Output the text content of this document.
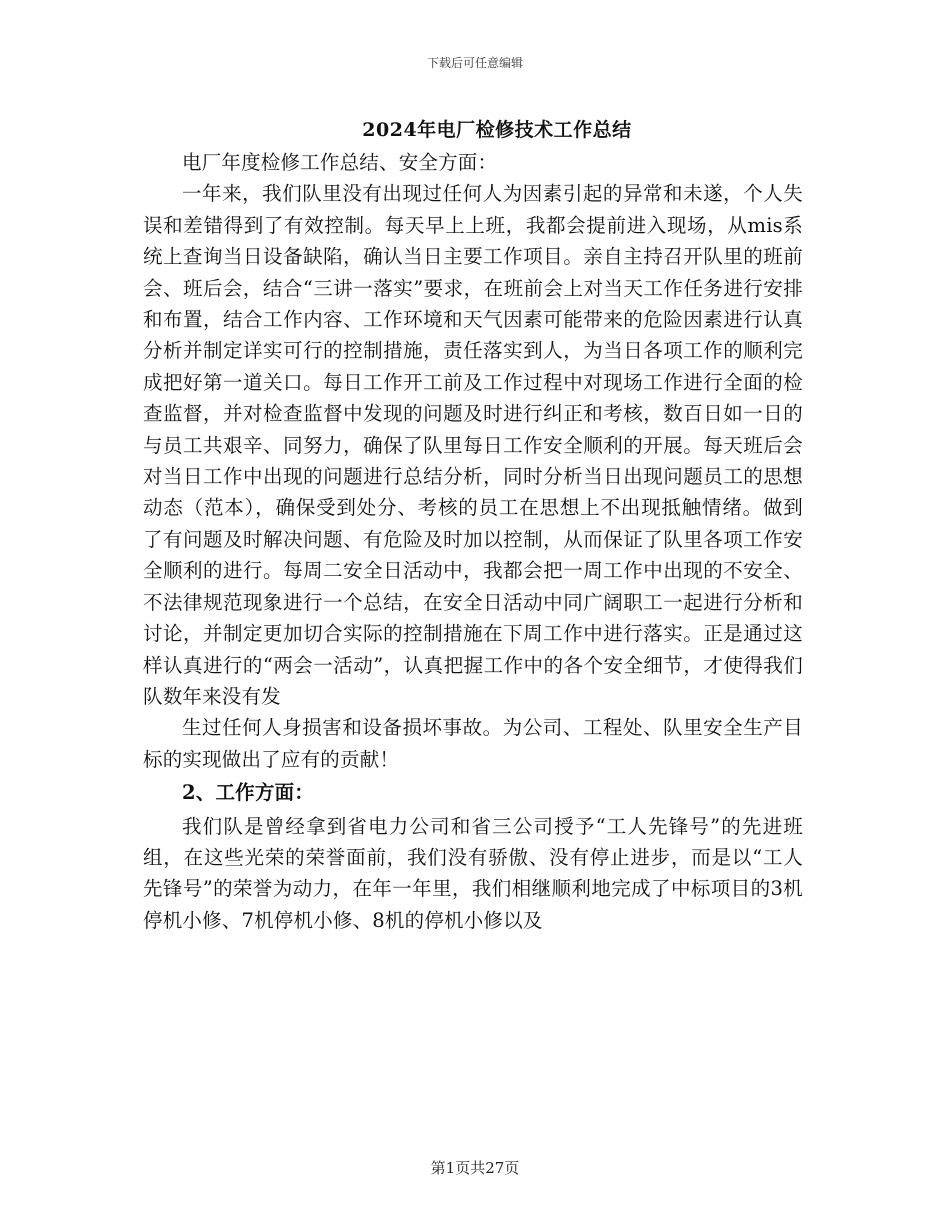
下载后可任意编辑
2024年电厂检修技术工作总结

电厂年度检修工作总结、安全方面：

一年来，我们队里没有出现过任何人为因素引起的异常和未遂，个人失误和差错得到了有效控制。每天早上上班，我都会提前进入现场，从mis系统上查询当日设备缺陷，确认当日主要工作项目。亲自主持召开队里的班前会、班后会，结合“三讲一落实”要求，在班前会上对当天工作任务进行安排和布置，结合工作内容、工作环境和天气因素可能带来的危险因素进行认真分析并制定详实可行的控制措施，责任落实到人，为当日各项工作的顺利完成把好第一道关口。每日工作开工前及工作过程中对现场工作进行全面的检查监督，并对检查监督中发现的问题及时进行纠正和考核，数百日如一日的与员工共艰辛、同努力，确保了队里每日工作安全顺利的开展。每天班后会对当日工作中出现的问题进行总结分析，同时分析当日出现问题员工的思想动态（范本），确保受到处分、考核的员工在思想上不出现抵触情绪。做到了有问题及时解决问题、有危险及时加以控制，从而保证了队里各项工作安全顺利的进行。每周二安全日活动中，我都会把一周工作中出现的不安全、不法律规范现象进行一个总结，在安全日活动中同广阔职工一起进行分析和讨论，并制定更加切合实际的控制措施在下周工作中进行落实。正是通过这样认真进行的“两会一活动”，认真把握工作中的各个安全细节，才使得我们队数年来没有发

生过任何人身损害和设备损坏事故。为公司、工程处、队里安全生产目标的实现做出了应有的贡献！

2、工作方面：

我们队是曾经拿到省电力公司和省三公司授予“工人先锋号”的先进班组，在这些光荣的荣誉面前，我们没有骄傲、没有停止进步，而是以“工人先锋号”的荣誉为动力，在年一年里，我们相继顺利地完成了中标项目的3机停机小修、7机停机小修、8机的停机小修以及

第1页共27页
